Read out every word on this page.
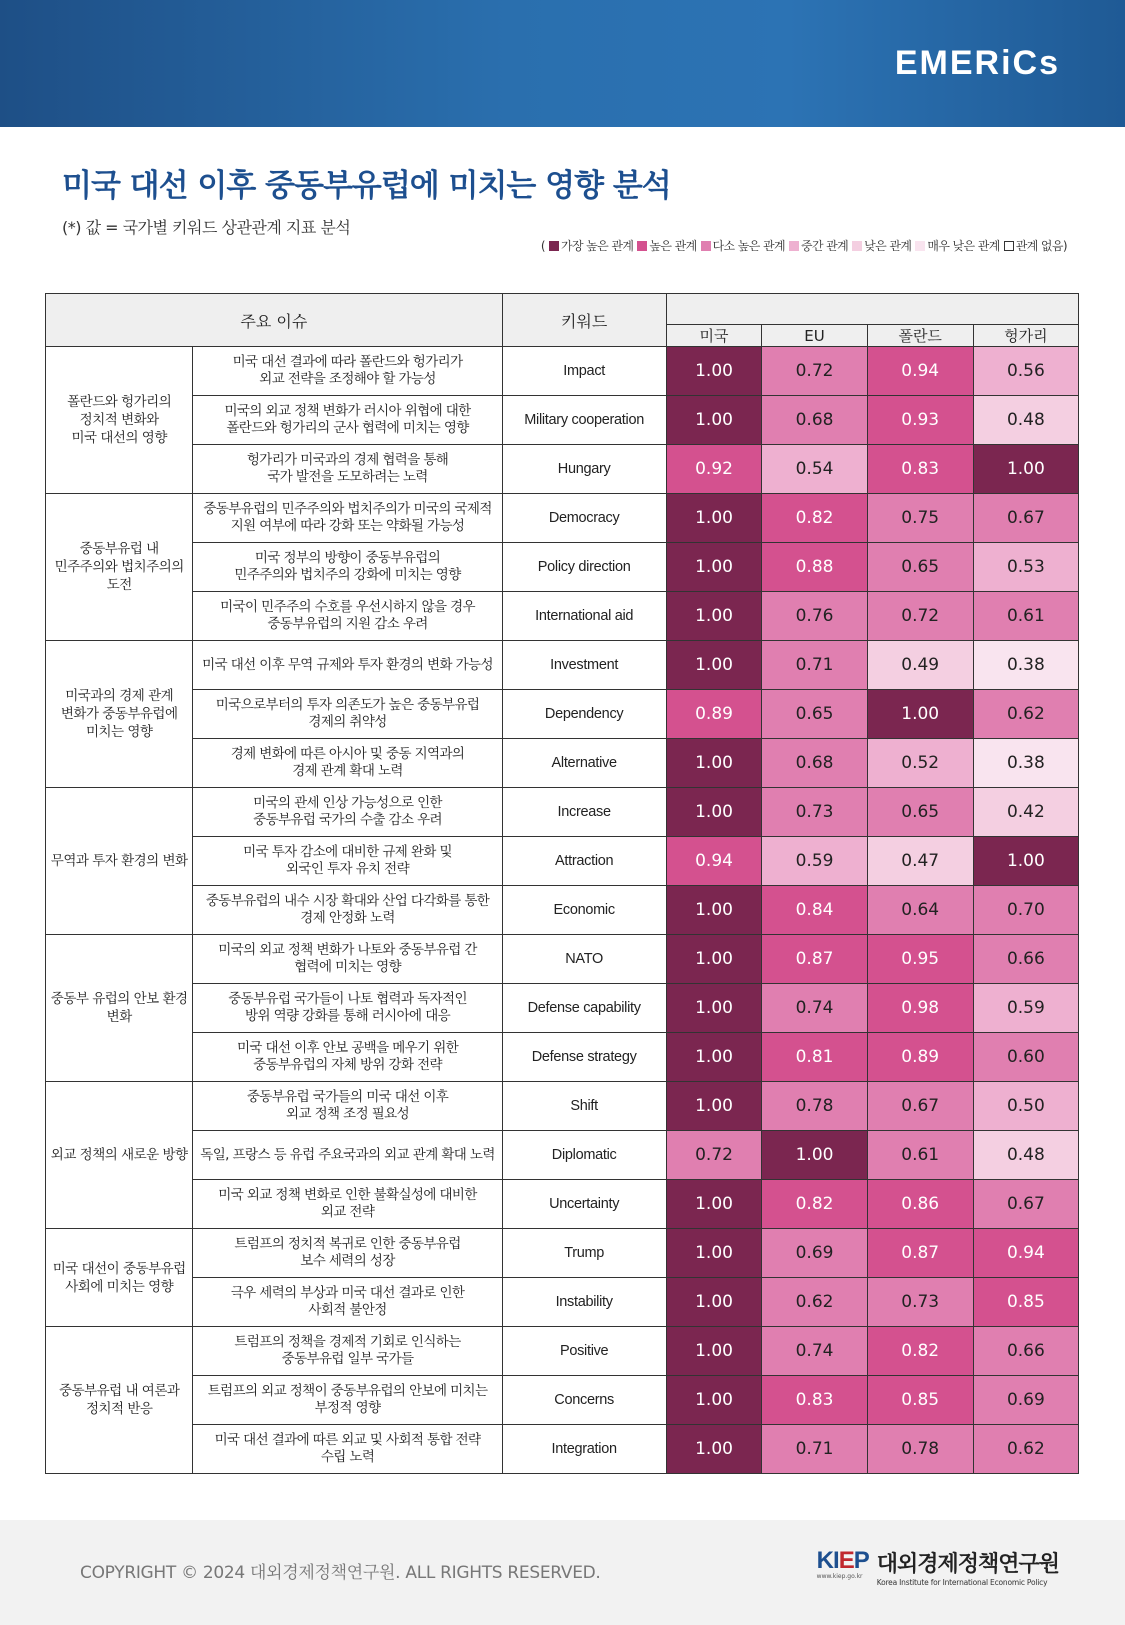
EMERiCs
미국 대선 이후 중동부유럽에 미치는 영향 분석
(*) 값 = 국가별 키워드 상관관계 지표 분석
(	가장 높은 관계 높은 관계 다소 높은 관계 중간 관계 낮은 관계 매우 낮은 관계 관계 없음 )
주요 이슈		키워드				
			미국	EU	폴란드	헝가리
폴란드와 헝가리의
정치적 변화와
미국 대선의 영향	미국 대선 결과에 따라 폴란드와 헝가리가
외교 전략을 조정해야 할 가능성	Impact	1.00	0.72	0.94	0.56
	미국의 외교 정책 변화가 러시아 위협에 대한
폴란드와 헝가리의 군사 협력에 미치는 영향	Military cooperation	1.00	0.68	0.93	0.48
	헝가리가 미국과의 경제 협력을 통해
국가 발전을 도모하려는 노력	Hungary	0.92	0.54	0.83	1.00
중동부유럽 내
민주주의와 법치주의의
도전	중동부유럽의 민주주의와 법치주의가 미국의 국제적
지원 여부에 따라 강화 또는 약화될 가능성	Democracy	1.00	0.82	0.75	0.67
	미국 정부의 방향이 중동부유럽의
민주주의와 법치주의 강화에 미치는 영향	Policy direction	1.00	0.88	0.65	0.53
	미국이 민주주의 수호를 우선시하지 않을 경우
중동부유럽의 지원 감소 우려	International aid	1.00	0.76	0.72	0.61
미국과의 경제 관계
변화가 중동부유럽에
미치는 영향	미국 대선 이후 무역 규제와 투자 환경의 변화 가능성	Investment	1.00	0.71	0.49	0.38
	미국으로부터의 투자 의존도가 높은 중동부유럽
경제의 취약성	Dependency	0.89	0.65	1.00	0.62
	경제 변화에 따른 아시아 및 중동 지역과의
경제 관계 확대 노력	Alternative	1.00	0.68	0.52	0.38
무역과 투자 환경의 변화	미국의 관세 인상 가능성으로 인한
중동부유럽 국가의 수출 감소 우려	Increase	1.00	0.73	0.65	0.42
	미국 투자 감소에 대비한 규제 완화 및
외국인 투자 유치 전략	Attraction	0.94	0.59	0.47	1.00
	중동부유럽의 내수 시장 확대와 산업 다각화를 통한
경제 안정화 노력	Economic	1.00	0.84	0.64	0.70
중동부 유럽의 안보 환경
변화	미국의 외교 정책 변화가 나토와 중동부유럽 간
협력에 미치는 영향	NATO	1.00	0.87	0.95	0.66
	중동부유럽 국가들이 나토 협력과 독자적인
방위 역량 강화를 통해 러시아에 대응	Defense capability	1.00	0.74	0.98	0.59
	미국 대선 이후 안보 공백을 메우기 위한
중동부유럽의 자체 방위 강화 전략	Defense strategy	1.00	0.81	0.89	0.60
외교 정책의 새로운 방향	중동부유럽 국가들의 미국 대선 이후
외교 정책 조정 필요성	Shift	1.00	0.78	0.67	0.50
	독일, 프랑스 등 유럽 주요국과의 외교 관계 확대 노력	Diplomatic	0.72	1.00	0.61	0.48
	미국 외교 정책 변화로 인한 불확실성에 대비한
외교 전략	Uncertainty	1.00	0.82	0.86	0.67
미국 대선이 중동부유럽
사회에 미치는 영향	트럼프의 정치적 복귀로 인한 중동부유럽
보수 세력의 성장	Trump	1.00	0.69	0.87	0.94
	극우 세력의 부상과 미국 대선 결과로 인한
사회적 불안정	Instability	1.00	0.62	0.73	0.85
중동부유럽 내 여론과
정치적 반응	트럼프의 정책을 경제적 기회로 인식하는
중동부유럽 일부 국가들	Positive	1.00	0.74	0.82	0.66
	트럼프의 외교 정책이 중동부유럽의 안보에 미치는
부정적 영향	Concerns	1.00	0.83	0.85	0.69
	미국 대선 결과에 따른 외교 및 사회적 통합 전략
수립 노력	Integration	1.00	0.71	0.78	0.62
COPYRIGHT © 2024 대외경제정책연구원. ALL RIGHTS RESERVED.	KIEP
www.kiep.go.kr 대외경제정책연구원
Korea Institute for International Economic Policy
